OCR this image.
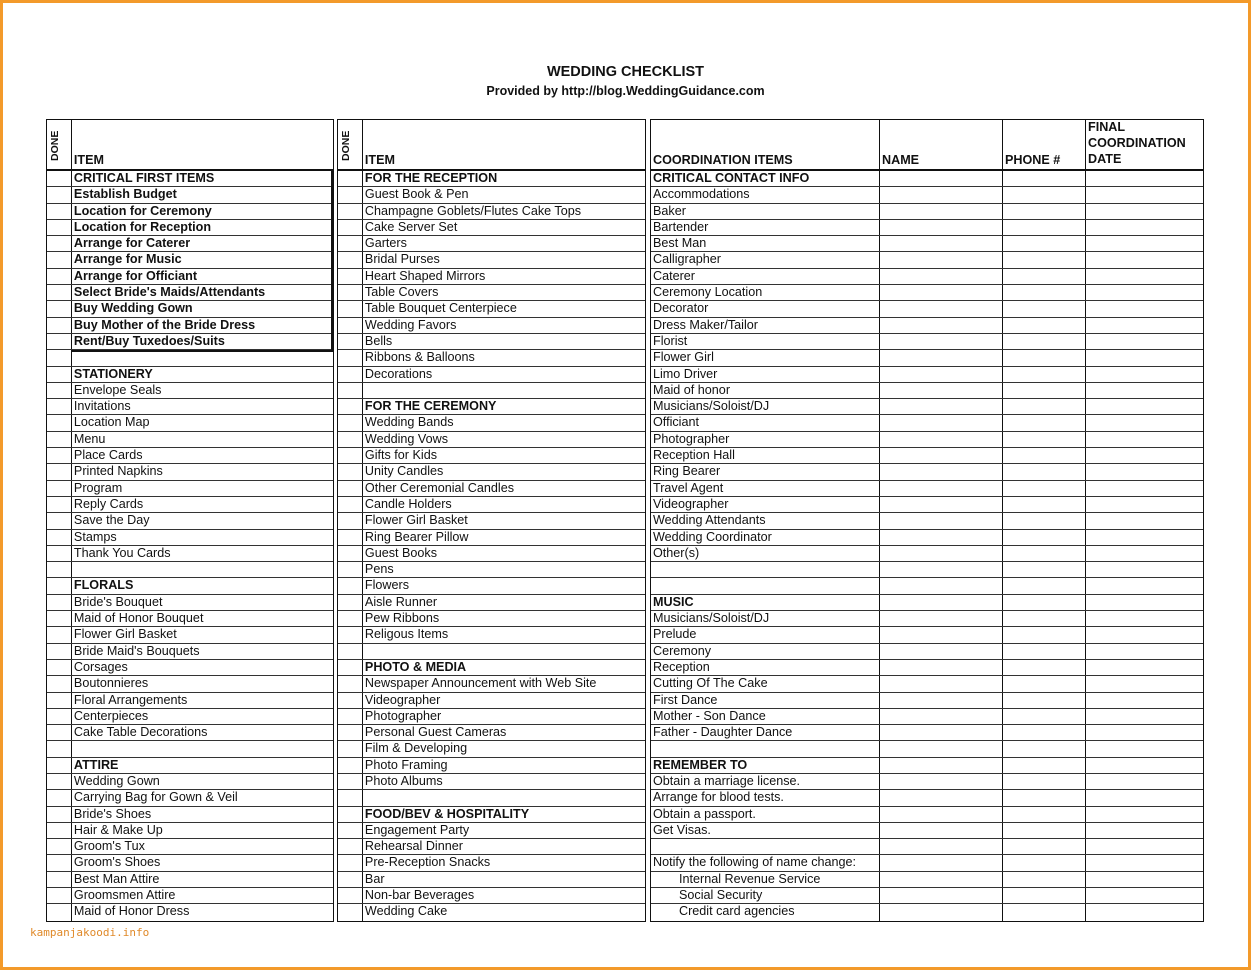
WEDDING CHECKLIST
Provided by http://blog.WeddingGuidance.com
DONE ITEM
CRITICAL FIRST ITEMS
Establish Budget
Location for Ceremony
Location for Reception
Arrange for Caterer
Arrange for Music
Arrange for Officiant
Select Bride's Maids/Attendants
Buy Wedding Gown
Buy Mother of the Bride Dress
Rent/Buy Tuxedoes/Suits
STATIONERY
Envelope Seals
Invitations
Location Map
Menu
Place Cards
Printed Napkins
Program
Reply Cards
Save the Day
Stamps
Thank You Cards
FLORALS
Bride's Bouquet
Maid of Honor Bouquet
Flower Girl Basket
Bride Maid's Bouquets
Corsages
Boutonnieres
Floral Arrangements
Centerpieces
Cake Table Decorations
ATTIRE
Wedding Gown
Carrying Bag for Gown & Veil
Bride's Shoes
Hair & Make Up
Groom's Tux
Groom's Shoes
Best Man Attire
Groomsmen Attire
Maid of Honor Dress
DONE ITEM
FOR THE RECEPTION
Guest Book & Pen
Champagne Goblets/Flutes Cake Tops
Cake Server Set
Garters
Bridal Purses
Heart Shaped Mirrors
Table Covers
Table Bouquet Centerpiece
Wedding Favors
Bells
Ribbons & Balloons
Decorations
FOR THE CEREMONY
Wedding Bands
Wedding Vows
Gifts for Kids
Unity Candles
Other Ceremonial Candles
Candle Holders
Flower Girl Basket
Ring Bearer Pillow
Guest Books
Pens
Flowers
Aisle Runner
Pew Ribbons
Religous Items
PHOTO & MEDIA
Newspaper Announcement with Web Site
Videographer
Photographer
Personal Guest Cameras
Film & Developing
Photo Framing
Photo Albums
FOOD/BEV & HOSPITALITY
Engagement Party
Rehearsal Dinner
Pre-Reception Snacks
Bar
Non-bar Beverages
Wedding Cake
COORDINATION ITEMS	NAME	PHONE #
FINAL COORDINATION DATE
CRITICAL CONTACT INFO
Accommodations
Baker
Bartender
Best Man
Calligrapher
Caterer
Ceremony Location
Decorator
Dress Maker/Tailor
Florist
Flower Girl
Limo Driver
Maid of honor
Musicians/Soloist/DJ
Officiant
Photographer
Reception Hall
Ring Bearer
Travel Agent
Videographer
Wedding Attendants
Wedding Coordinator
Other(s)
MUSIC
Musicians/Soloist/DJ
Prelude
Ceremony
Reception
Cutting Of The Cake
First Dance
Mother - Son Dance
Father - Daughter Dance
REMEMBER TO
Obtain a marriage license.
Arrange for blood tests.
Obtain a passport.
Get Visas.
Notify the following of name change:
Internal Revenue Service
Social Security
Credit card agencies
kampanjakoodi.info
